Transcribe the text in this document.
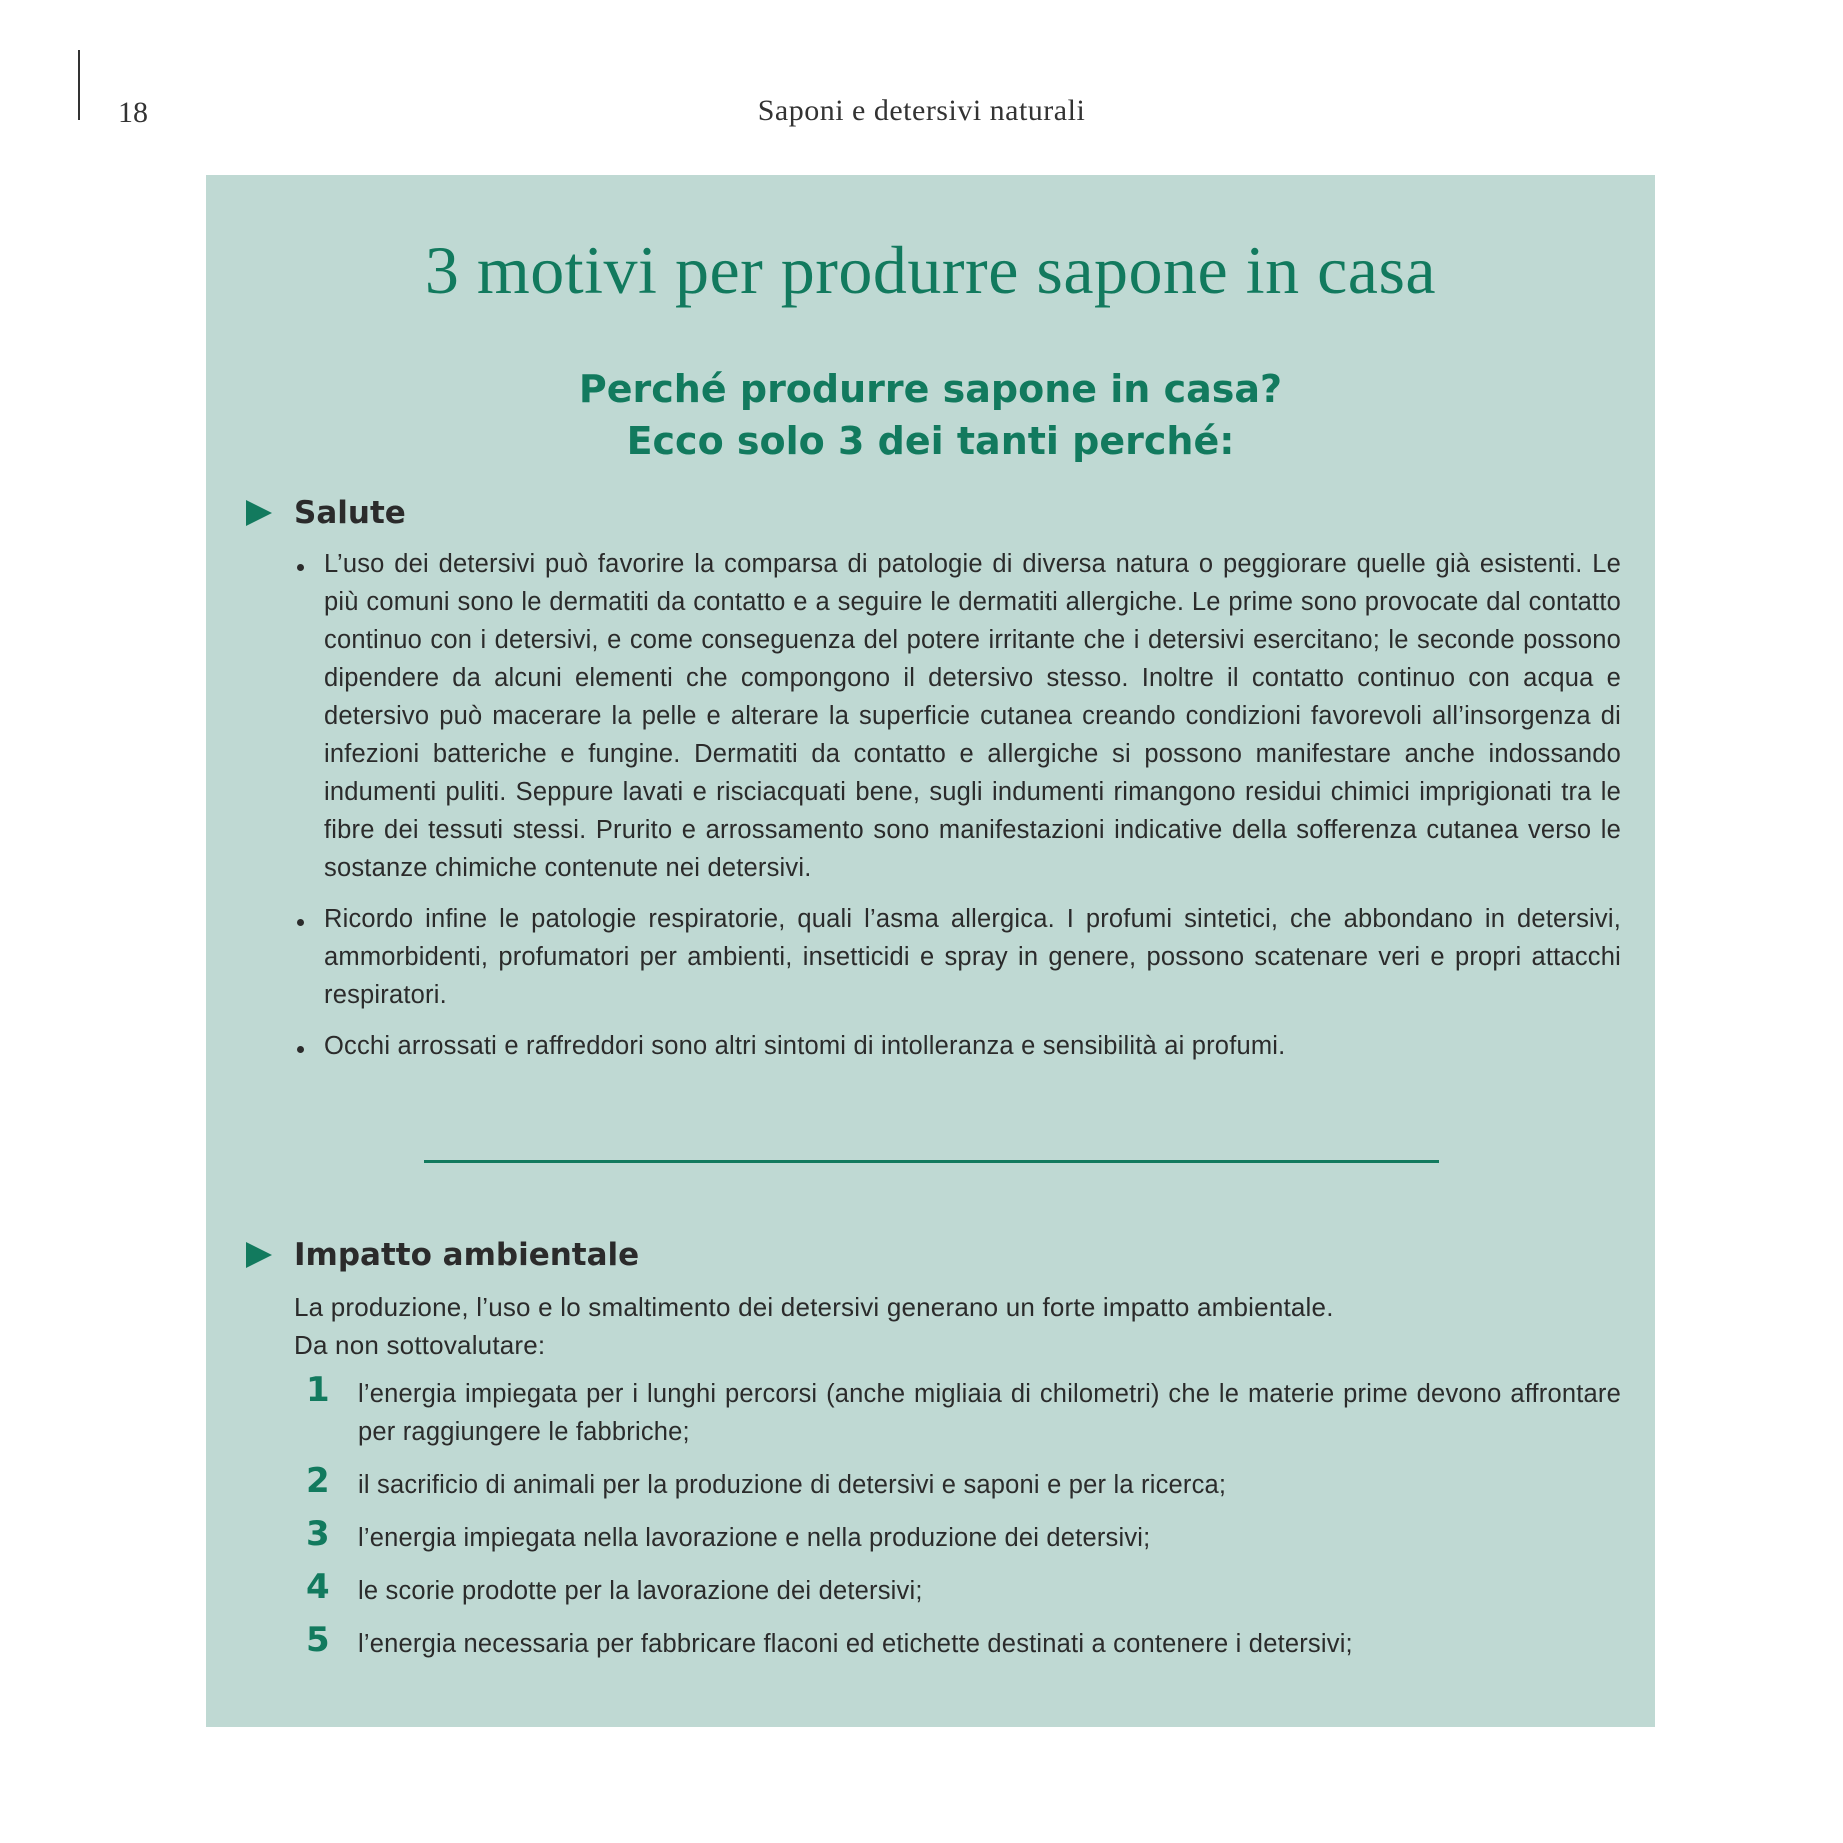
18	Saponi e detersivi naturali
3 motivi per produrre sapone in casa
Perché produrre sapone in casa?
Ecco solo 3 dei tanti perché:
Salute
L’uso dei detersivi può favorire la comparsa di patologie di diversa natura o peggiorare quelle già esistenti. Le più comuni sono le dermatiti da contatto e a seguire le dermatiti allergiche. Le prime sono provocate dal contatto continuo con i detersivi, e come conseguenza del potere irritante che i detersivi esercitano; le seconde possono dipendere da alcuni elementi che compongono il detersivo stesso. Inoltre il contatto continuo con acqua e detersivo può macerare la pelle e alterare la superficie cutanea creando condizioni favorevoli all’insorgenza di infezioni batteriche e fungine. Dermatiti da contatto e allergiche si possono manifestare anche indossando indumenti puliti. Seppure lavati e risciacquati bene, sugli indumenti rimangono residui chimici imprigionati tra le fibre dei tessuti stessi. Prurito e arrossamento sono manifestazioni indicative della sofferenza cutanea verso le sostanze chimiche contenute nei detersivi.
Ricordo infine le patologie respiratorie, quali l’asma allergica. I profumi sintetici, che abbondano in detersivi, ammorbidenti, profumatori per ambienti, insetticidi e spray in genere, possono scatenare veri e propri attacchi respiratori.
Occhi arrossati e raffreddori sono altri sintomi di intolleranza e sensibilità ai profumi.
Impatto ambientale
La produzione, l’uso e lo smaltimento dei detersivi generano un forte impatto ambientale.
Da non sottovalutare:
1 l’energia impiegata per i lunghi percorsi (anche migliaia di chilometri) che le materie prime devono affrontare per raggiungere le fabbriche;
2 il sacrificio di animali per la produzione di detersivi e saponi e per la ricerca;
3 l’energia impiegata nella lavorazione e nella produzione dei detersivi;
4 le scorie prodotte per la lavorazione dei detersivi;
5 l’energia necessaria per fabbricare flaconi ed etichette destinati a contenere i detersivi;
